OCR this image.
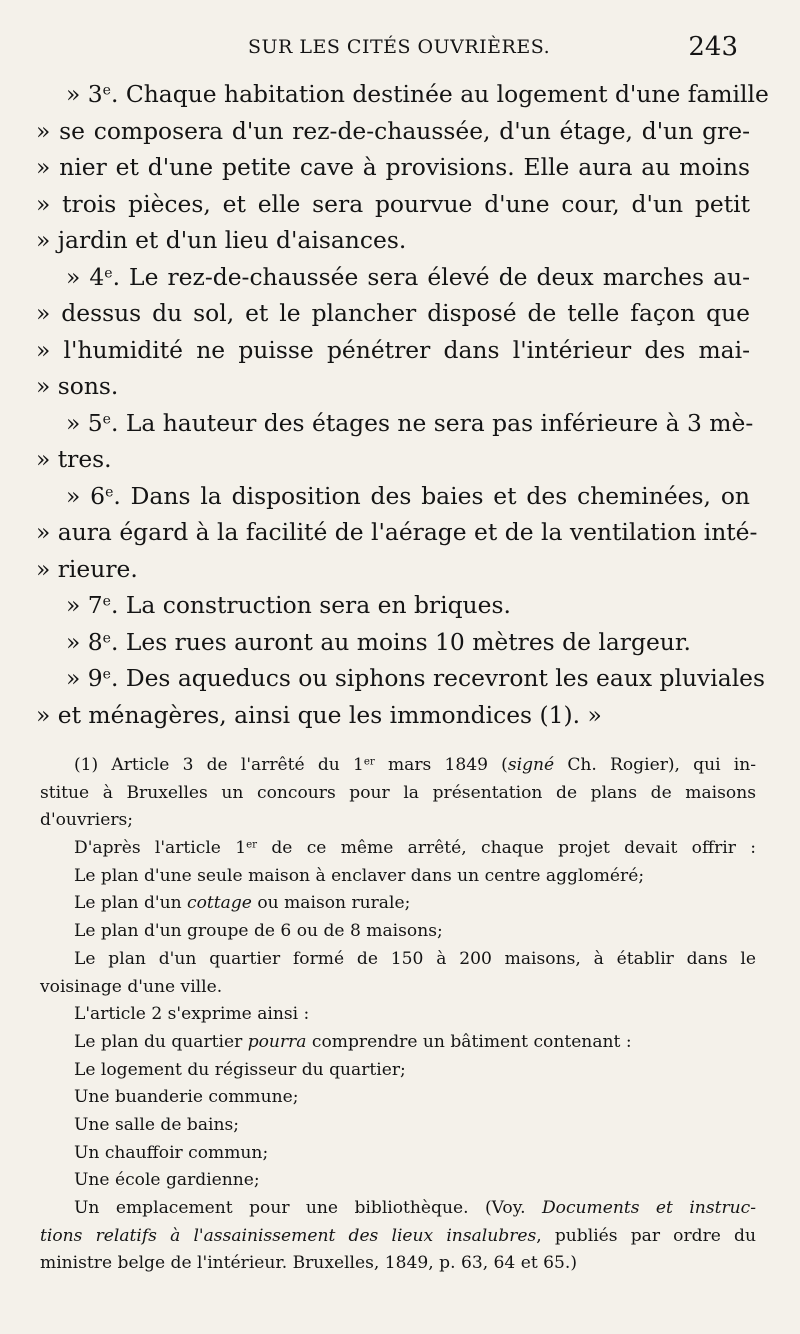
SUR LES CITÉS OUVRIÈRES.	243
» 3e. Chaque habitation destinée au logement d'une famille
» se composera d'un rez-de-chaussée, d'un étage, d'un gre-
» nier et d'une petite cave à provisions. Elle aura au moins
» trois pièces, et elle sera pourvue d'une cour, d'un petit
» jardin et d'un lieu d'aisances.
» 4e. Le rez-de-chaussée sera élevé de deux marches au-
» dessus du sol, et le plancher disposé de telle façon que
» l'humidité ne puisse pénétrer dans l'intérieur des mai-
» sons.
» 5e. La hauteur des étages ne sera pas inférieure à 3 mè-
» tres.
» 6e. Dans la disposition des baies et des cheminées, on
» aura égard à la facilité de l'aérage et de la ventilation inté-
» rieure.
» 7e. La construction sera en briques.
» 8e. Les rues auront au moins 10 mètres de largeur.
» 9e. Des aqueducs ou siphons recevront les eaux pluviales
» et ménagères, ainsi que les immondices (1). »
(1) Article 3 de l'arrêté du 1er mars 1849 (signé Ch. Rogier), qui in-
stitue à Bruxelles un concours pour la présentation de plans de maisons
d'ouvriers;
D'après l'article 1er de ce même arrêté, chaque projet devait offrir :
Le plan d'une seule maison à enclaver dans un centre aggloméré;
Le plan d'un cottage ou maison rurale;
Le plan d'un groupe de 6 ou de 8 maisons;
Le plan d'un quartier formé de 150 à 200 maisons, à établir dans le
voisinage d'une ville.
L'article 2 s'exprime ainsi :
Le plan du quartier pourra comprendre un bâtiment contenant :
Le logement du régisseur du quartier;
Une buanderie commune;
Une salle de bains;
Un chauffoir commun;
Une école gardienne;
Un emplacement pour une bibliothèque. (Voy. Documents et instruc-
tions relatifs à l'assainissement des lieux insalubres, publiés par ordre du
ministre belge de l'intérieur. Bruxelles, 1849, p. 63, 64 et 65.)
